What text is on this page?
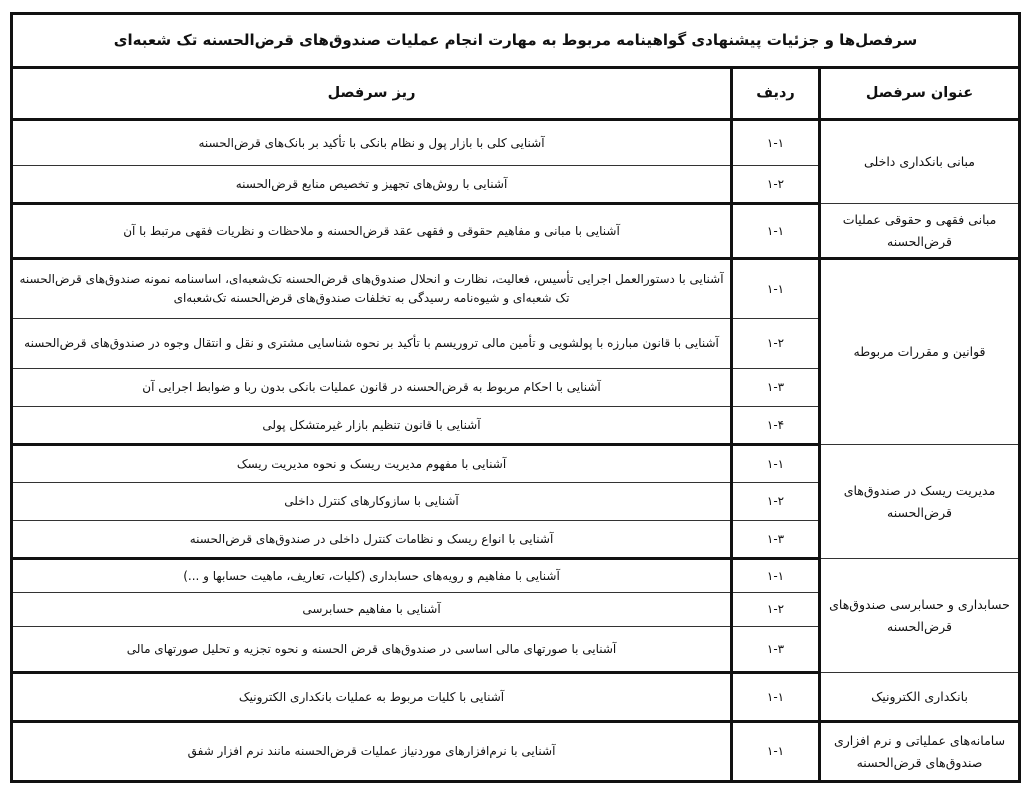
سرفصل‌ها و جزئیات پیشنهادی گواهینامه مربوط به مهارت انجام عملیات صندوق‌های قرض‌الحسنه تک شعبه‌ای		
عنوان سرفصل	ردیف	ریز سرفصل
مبانی بانکداری داخلی	۱-۱	آشنایی کلی با بازار پول و نظام بانکی با تأکید بر بانک‌های قرض‌الحسنه
	۱-۲	آشنایی با روش‌های تجهیز و تخصیص منابع قرض‌الحسنه
مبانی فقهی و حقوقی عملیات قرض‌الحسنه	۱-۱	آشنایی با مبانی و مفاهیم حقوقی و فقهی عقد قرض‌الحسنه و ملاحظات و نظریات فقهی مرتبط با آن
قوانین و مقررات مربوطه	۱-۱	آشنایی با دستورالعمل اجرایی تأسیس، فعالیت، نظارت و انحلال صندوق‌های قرض‌الحسنه تک‌شعبه‌ای، اساسنامه نمونه صندوق‌های قرض‌الحسنه تک شعبه‌ای و شیوه‌نامه رسیدگی به تخلفات صندوق‌های قرض‌الحسنه تک‌شعبه‌ای
	۱-۲	آشنایی با قانون مبارزه با پولشویی و تأمین مالی تروریسم با تأکید بر نحوه شناسایی مشتری و نقل و انتقال وجوه در صندوق‌های قرض‌الحسنه
	۱-۳	آشنایی با احکام مربوط به قرض‌الحسنه در قانون عملیات بانکی بدون ربا و ضوابط اجرایی آن
	۱-۴	آشنایی با قانون تنظیم بازار غیرمتشکل پولی
مدیریت ریسک در صندوق‌های قرض‌الحسنه	۱-۱	آشنایی با مفهوم مدیریت ریسک و نحوه مدیریت ریسک
	۱-۲	آشنایی با سازوکارهای کنترل داخلی
	۱-۳	آشنایی با انواع ریسک و نظامات کنترل داخلی در صندوق‌های قرض‌الحسنه
حسابداری و حسابرسی صندوق‌های قرض‌الحسنه	۱-۱	آشنایی با مفاهیم و رویه‌های حسابداری (کلیات، تعاریف، ماهیت حسابها و ...)
	۱-۲	آشنایی با مفاهیم حسابرسی
	۱-۳	آشنایی با صورتهای مالی اساسی در صندوق‌های قرض الحسنه و نحوه تجزیه و تحلیل صورتهای مالی
بانکداری الکترونیک	۱-۱	آشنایی با کلیات مربوط به عملیات بانکداری الکترونیک
سامانه‌های عملیاتی و نرم افزاری صندوق‌های قرض‌الحسنه	۱-۱	آشنایی با نرم‌افزارهای موردنیاز عملیات قرض‌الحسنه مانند نرم افزار شفق
